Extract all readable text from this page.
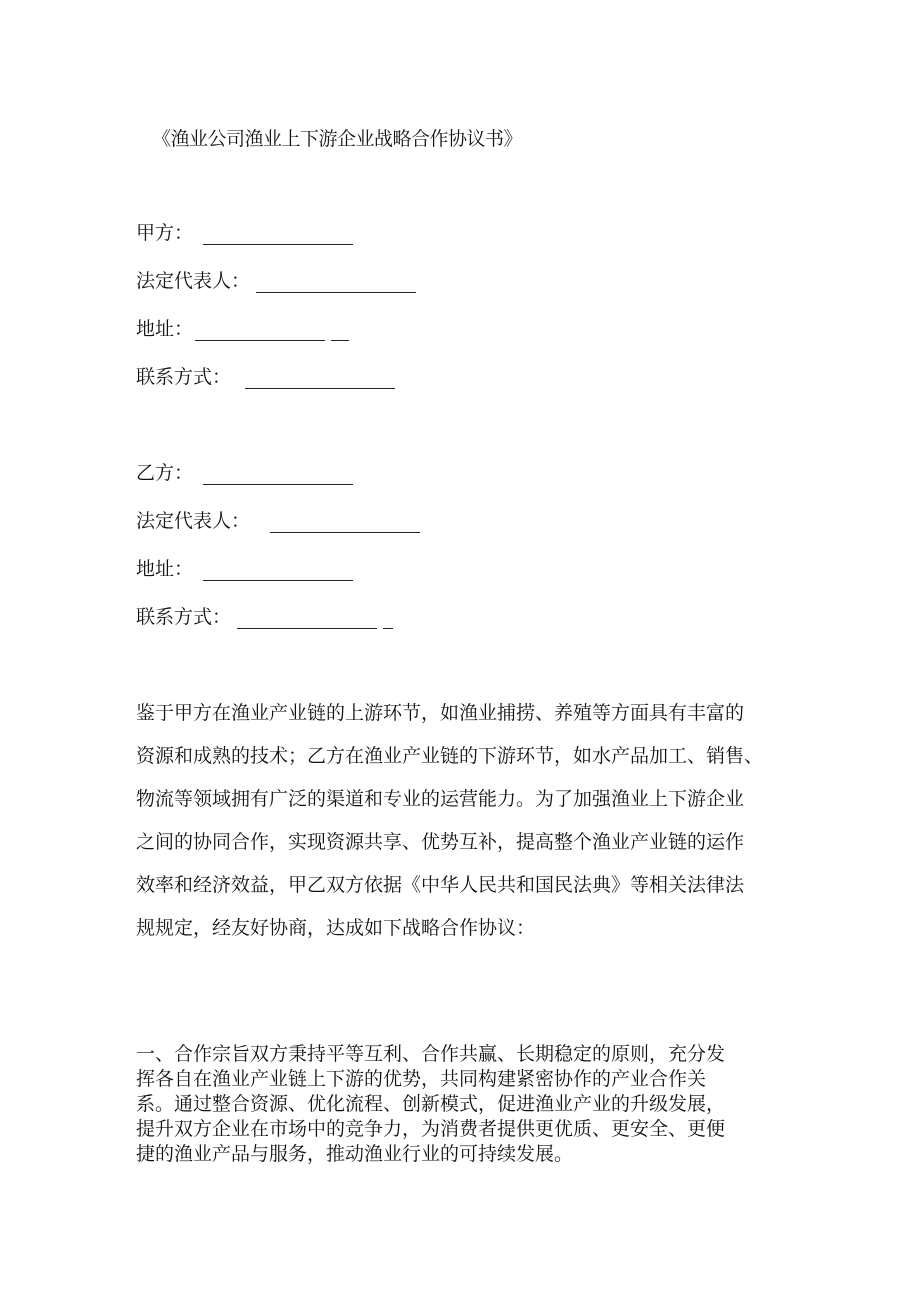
《渔业公司渔业上下游企业战略合作协议书》
甲方：
法定代表人：
地址：
联系方式：
乙方：
法定代表人：
地址：
联系方式：
鉴于甲方在渔业产业链的上游环节，如渔业捕捞、养殖等方面具有丰富的
资源和成熟的技术；乙方在渔业产业链的下游环节，如水产品加工、销售、
物流等领域拥有广泛的渠道和专业的运营能力。为了加强渔业上下游企业
之间的协同合作，实现资源共享、优势互补，提高整个渔业产业链的运作
效率和经济效益，甲乙双方依据《中华人民共和国民法典》等相关法律法
规规定，经友好协商，达成如下战略合作协议：
一、合作宗旨双方秉持平等互利、合作共赢、长期稳定的原则，充分发
挥各自在渔业产业链上下游的优势，共同构建紧密协作的产业合作关
系。通过整合资源、优化流程、创新模式，促进渔业产业的升级发展，
提升双方企业在市场中的竞争力，为消费者提供更优质、更安全、更便
捷的渔业产品与服务，推动渔业行业的可持续发展。
